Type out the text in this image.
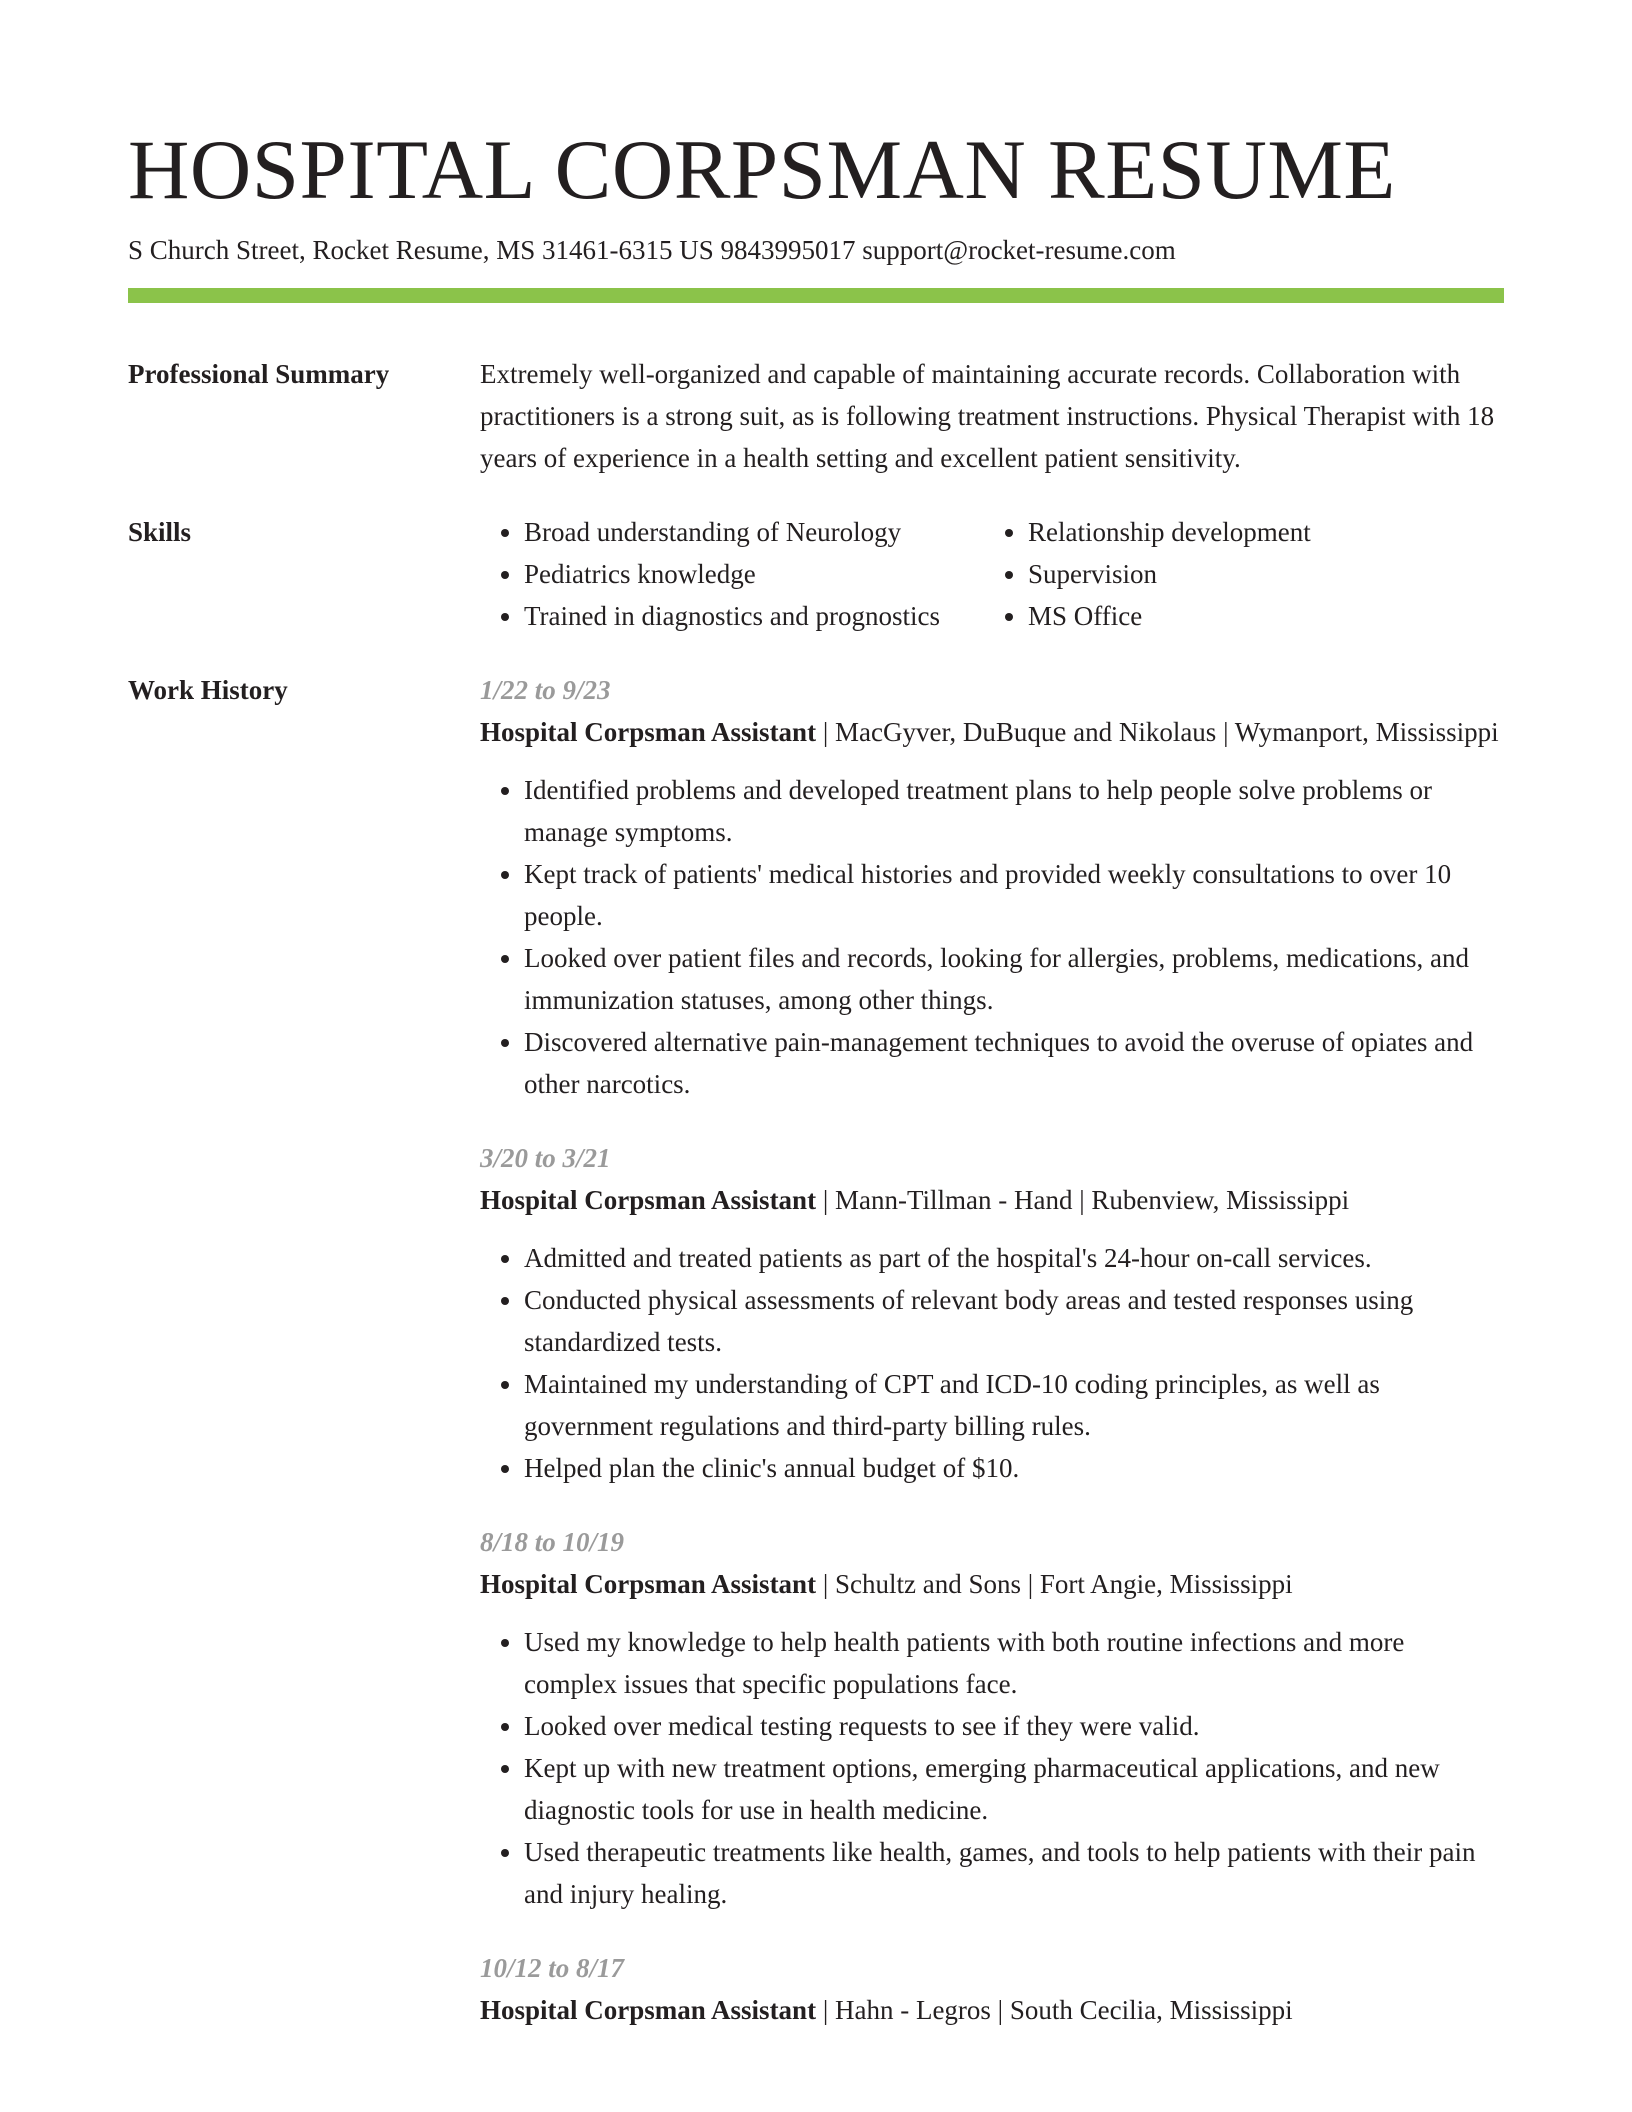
HOSPITAL CORPSMAN RESUME
S Church Street, Rocket Resume, MS 31461-6315 US 9843995017 support@rocket-resume.com
Professional Summary	Extremely well-organized and capable of maintaining accurate records. Collaboration with practitioners is a strong suit, as is following treatment instructions. Physical Therapist with 18 years of experience in a health setting and excellent patient sensitivity.
Skills
•	Broad understanding of Neurology
• Pediatrics knowledge
• Trained in diagnostics and prognostics
• Relationship development
• Supervision
• MS Office
Work History	1/22 to 9/23
Hospital Corpsman Assistant | MacGyver, DuBuque and Nikolaus | Wymanport, Mississippi
• Identified problems and developed treatment plans to help people solve problems or manage symptoms.
• Kept track of patients' medical histories and provided weekly consultations to over 10 people.
• Looked over patient files and records, looking for allergies, problems, medications, and immunization statuses, among other things.
• Discovered alternative pain-management techniques to avoid the overuse of opiates and other narcotics.
3/20 to 3/21
Hospital Corpsman Assistant | Mann-Tillman - Hand | Rubenview, Mississippi
• Admitted and treated patients as part of the hospital's 24-hour on-call services.
• Conducted physical assessments of relevant body areas and tested responses using standardized tests.
• Maintained my understanding of CPT and ICD-10 coding principles, as well as government regulations and third-party billing rules.
• Helped plan the clinic's annual budget of $10.
8/18 to 10/19
Hospital Corpsman Assistant | Schultz and Sons | Fort Angie, Mississippi
• Used my knowledge to help health patients with both routine infections and more complex issues that specific populations face.
• Looked over medical testing requests to see if they were valid.
• Kept up with new treatment options, emerging pharmaceutical applications, and new diagnostic tools for use in health medicine.
• Used therapeutic treatments like health, games, and tools to help patients with their pain and injury healing.
10/12 to 8/17
Hospital Corpsman Assistant | Hahn - Legros | South Cecilia, Mississippi
